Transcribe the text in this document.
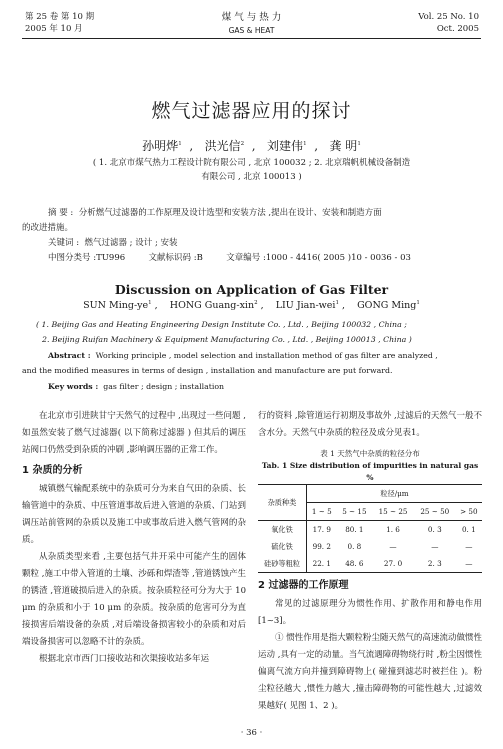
第 25 卷 第 10 期
2005 年 10 月
煤 气 与 热 力
GAS & HEAT
Vol. 25 No. 10
Oct. 2005
燃气过滤器应用的探讨
孙明烨$^1$  ,   洪光信$^2$  ,   刘建伟$^1$  ,   龚 明$^1$
( 1. 北京市煤气热力工程设计院有限公司 , 北京 100032 ; 2. 北京瑞帆机械设备制造
有限公司 , 北京 100013 )
摘 要 : 分析燃气过滤器的工作原理及设计选型和安装方法 ,提出在设计、安装和制造方面
的改进措施。
关键词 : 燃气过滤器 ; 设计 ; 安装
中图分类号 :TU996	文献标识码 :B	文章编号 :1000 - 4416( 2005 )10 - 0036 - 03
Discussion on Application of Gas Filter
SUN Ming-$ye^1$ ,    HONG Guang-xin$^2$ ,    LIU Jian-wei$^1$ ,    GONG Ming$^1$
( 1. Beijing Gas and Heating Engineering Design Institute Co. , Ltd. , Beijing 100032 , China ;
2. Beijing Ruifan Machinery & Equipment Manufacturing Co. , Ltd. , Beijing 100013 , China )
Abstract : Working principle , model selection and installation method of gas filter are analyzed ,
and the modified measures in terms of design , installation and manufacture are put forward.
Key words : gas filter ; design ; installation

在北京市引进陕甘宁天然气的过程中 ,出现过一些问题 ,如虽然安装了燃气过滤器( 以下简称过滤器 ) 但其后的调压站阀口仍然受到杂质的冲刷 ,影响调压器的正常工作。

1 杂质的分析

城镇燃气输配系统中的杂质可分为来自气田的杂质、长输管道中的杂质、中压管道事故后进入管道的杂质、门站到调压站前管网的杂质以及施工中或事故后进入燃气管网的杂质。

从杂质类型来看 ,主要包括气井开采中可能产生的固体颗粒 ,施工中带入管道的土壤、沙砾和焊渣等 ,管道锈蚀产生的锈渣 ,管道破损后进入的杂质。按杂质粒径可分为大于 10 μm 的杂质和小于 10 μm 的杂质。按杂质的危害可分为直接损害后端设备的杂质 ,对后端设备损害较小的杂质和对后端设备损害可以忽略不计的杂质。

根据北京市西门口接收站和次渠接收站多年运

行的资料 ,除管道运行初期及事故外 ,过滤后的天然气一般不含水分。天然气中杂质的粒径及成分见表1。

表 1 天然气中杂质的粒径分布
Tab. 1 Size distribution of impurities in natural gas %
杂质种类	粒径/μm				
	1 ~ 5	5 ~ 15	15 ~ 25	25 ~ 50	> 50
氧化铁	17. 9	80. 1	1. 6	0. 3	0. 1
硫化铁	99. 2	0. 8	—	—	—
硅砂等粗粒	22. 1	48. 6	27. 0	2. 3	—
2 过滤器的工作原理

常见的过滤原理分为惯性作用、扩散作用和静电作用 [1~3]。

① 惯性作用是指大颗粒粉尘随天然气的高速流动做惯性运动 ,具有一定的动量。当气流遇障碍物绕行时 ,粉尘因惯性偏离气流方向并撞到障碍物上( 碰撞到滤芯时被拦住 )。粉尘粒径越大 ,惯性力越大 ,撞击障碍物的可能性越大 ,过滤效果越好( 见图 1、2 )。

· 36 ·
